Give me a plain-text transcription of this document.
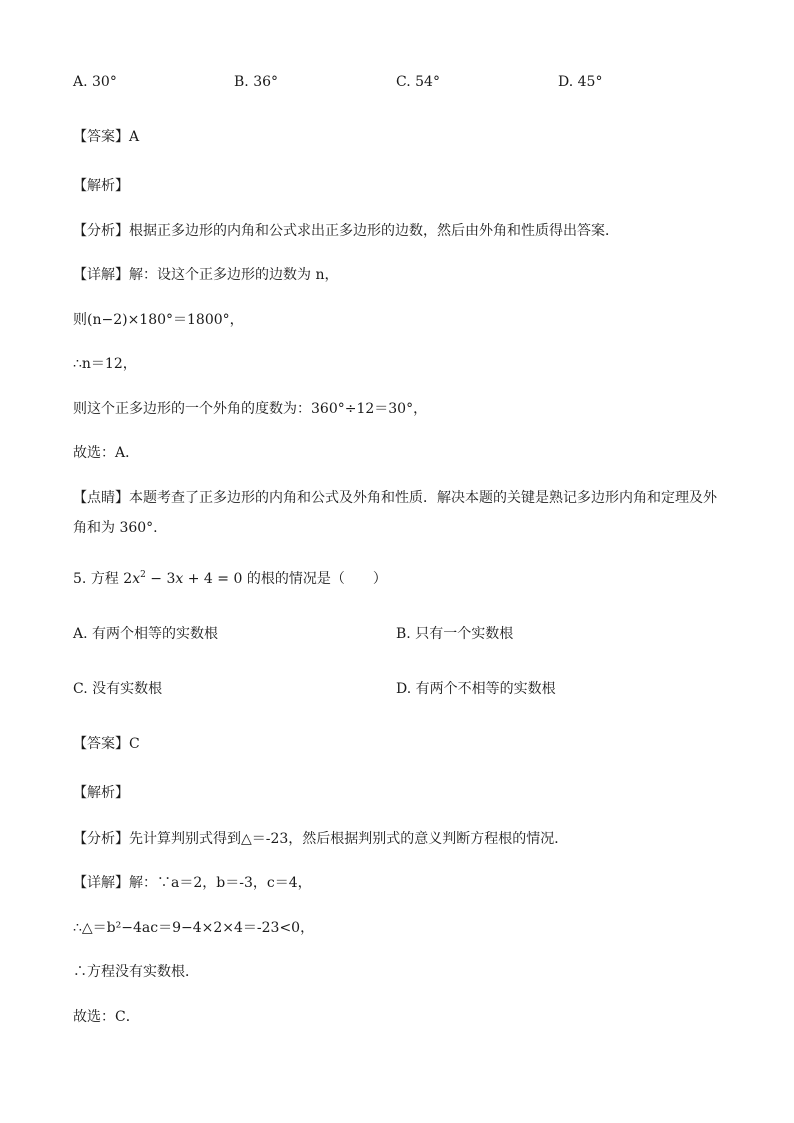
A. 30°	B. 36°	C. 54°	D. 45°
【答案】A
【解析】
【分析】根据正多边形的内角和公式求出正多边形的边数，然后由外角和性质得出答案．
【详解】解：设这个正多边形的边数为 n，
则(n−2)×180°＝1800°，
∴n＝12，
则这个正多边形的一个外角的度数为：360°÷12＝30°，
故选：A．
【点睛】本题考查了正多边形的内角和公式及外角和性质．解决本题的关键是熟记多边形内角和定理及外
角和为 360°.
5. 方程 $2x^2 - 3x + 4 = 0$ 的根的情况是（　　）
A. 有两个相等的实数根	B. 只有一个实数根
C. 没有实数根	D. 有两个不相等的实数根
【答案】C
【解析】
【分析】先计算判别式得到△＝-23，然后根据判别式的意义判断方程根的情况．
【详解】解：∵a＝2，b＝-3，c＝4，
∴△＝b²−4ac＝9−4×2×4＝-23<0，
∴方程没有实数根．
故选：C．
